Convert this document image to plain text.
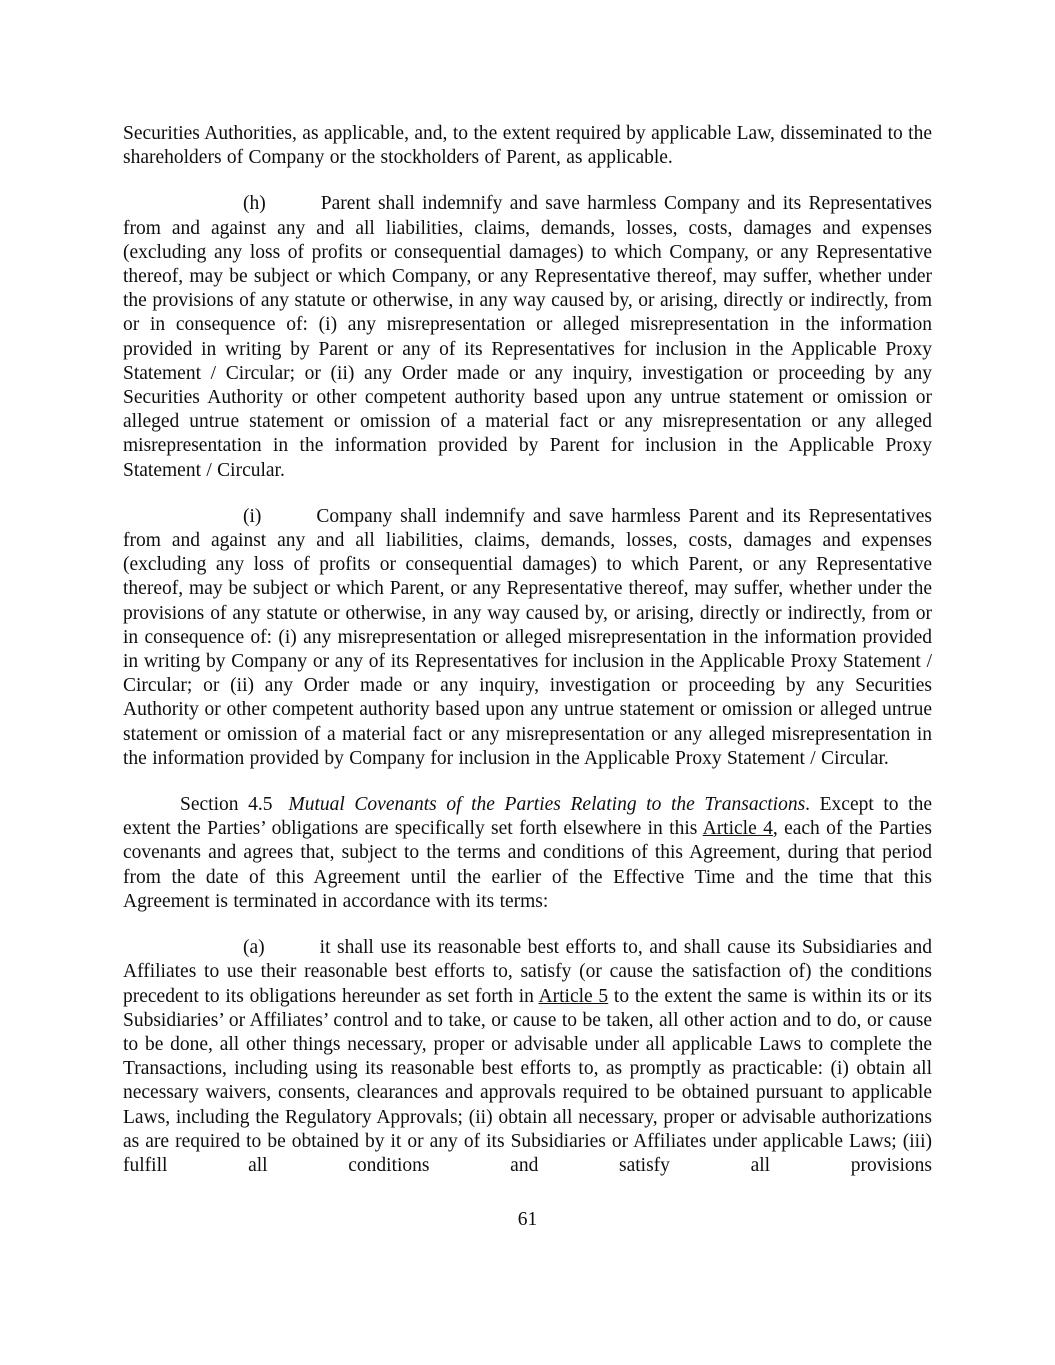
Securities Authorities, as applicable, and, to the extent required by applicable Law, disseminated to the shareholders of Company or the stockholders of Parent, as applicable.

(h)	Parent shall indemnify and save harmless Company and its Representatives from and against any and all liabilities, claims, demands, losses, costs, damages and expenses (excluding any loss of profits or consequential damages) to which Company, or any Representative thereof, may be subject or which Company, or any Representative thereof, may suffer, whether under the provisions of any statute or otherwise, in any way caused by, or arising, directly or indirectly, from or in consequence of: (i) any misrepresentation or alleged misrepresentation in the information provided in writing by Parent or any of its Representatives for inclusion in the Applicable Proxy Statement / Circular; or (ii) any Order made or any inquiry, investigation or proceeding by any Securities Authority or other competent authority based upon any untrue statement or omission or alleged untrue statement or omission of a material fact or any misrepresentation or any alleged misrepresentation in the information provided by Parent for inclusion in the Applicable Proxy Statement / Circular.

(i)	Company shall indemnify and save harmless Parent and its Representatives from and against any and all liabilities, claims, demands, losses, costs, damages and expenses (excluding any loss of profits or consequential damages) to which Parent, or any Representative thereof, may be subject or which Parent, or any Representative thereof, may suffer, whether under the provisions of any statute or otherwise, in any way caused by, or arising, directly or indirectly, from or in consequence of: (i) any misrepresentation or alleged misrepresentation in the information provided in writing by Company or any of its Representatives for inclusion in the Applicable Proxy Statement / Circular; or (ii) any Order made or any inquiry, investigation or proceeding by any Securities Authority or other competent authority based upon any untrue statement or omission or alleged untrue statement or omission of a material fact or any misrepresentation or any alleged misrepresentation in the information provided by Company for inclusion in the Applicable Proxy Statement / Circular.

Section 4.5 Mutual Covenants of the Parties Relating to the Transactions. Except to the extent the Parties’ obligations are specifically set forth elsewhere in this Article 4, each of the Parties covenants and agrees that, subject to the terms and conditions of this Agreement, during that period from the date of this Agreement until the earlier of the Effective Time and the time that this Agreement is terminated in accordance with its terms:

(a)	it shall use its reasonable best efforts to, and shall cause its Subsidiaries and Affiliates to use their reasonable best efforts to, satisfy (or cause the satisfaction of) the conditions precedent to its obligations hereunder as set forth in Article 5 to the extent the same is within its or its Subsidiaries’ or Affiliates’ control and to take, or cause to be taken, all other action and to do, or cause to be done, all other things necessary, proper or advisable under all applicable Laws to complete the Transactions, including using its reasonable best efforts to, as promptly as practicable: (i) obtain all necessary waivers, consents, clearances and approvals required to be obtained pursuant to applicable Laws, including the Regulatory Approvals; (ii) obtain all necessary, proper or advisable authorizations as are required to be obtained by it or any of its Subsidiaries or Affiliates under applicable Laws; (iii) fulfill all conditions and satisfy all provisions

61
